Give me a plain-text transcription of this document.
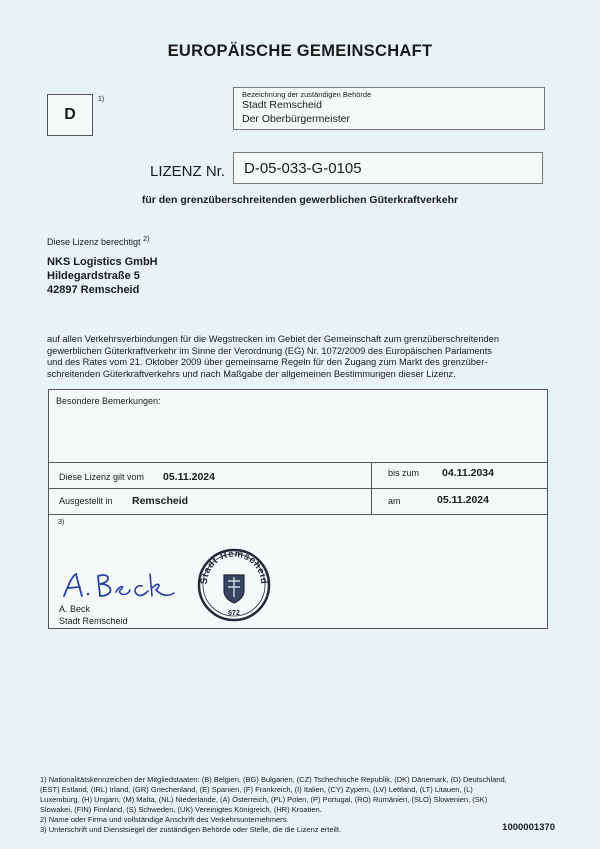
EUROPÄISCHE GEMEINSCHAFT
D
1)
Bezeichnung der zuständigen Behörde
Stadt Remscheid
Der Oberbürgermeister
LIZENZ Nr.	D-05-033-G-0105
für den grenzüberschreitenden gewerblichen Güterkraftverkehr
Diese Lizenz berechtigt $^{2)}$
NKS Logistics GmbH
Hildegardstraße 5
42897 Remscheid
auf allen Verkehrsverbindungen für die Wegstrecken im Gebiet der Gemeinschaft zum grenzüberschreitenden
gewerblichen Güterkraftverkehr im Sinne der Verordnung (EG) Nr. 1072/2009 des Europäischen Parlaments
und des Rates vom 21. Oktober 2009 über gemeinsame Regeln für den Zugang zum Markt des grenzüber-
schreitenden Güterkraftverkehrs und nach Maßgabe der allgemeinen Bestimmungen dieser Lizenz.
Besondere Bemerkungen:
Diese Lizenz gilt vom 05.11.2024	bis zum 04.11.2034
Ausgestellt in Remscheid	am	05.11.2024
3)
A. Beck
Stadt Remscheid
Stadt Remscheid
672
1) Nationalitätskennzeichen der Mitgliedstaaten: (B) Belgien, (BG) Bulgarien, (CZ) Tschechische Republik, (DK) Dänemark, (D) Deutschland,
(EST) Estland, (IRL) Irland, (GR) Griechenland, (E) Spanien, (F) Frankreich, (I) Italien, (CY) Zypern, (LV) Lettland, (LT) Litauen, (L)
Luxemburg, (H) Ungarn, (M) Malta, (NL) Niederlande, (A) Österreich, (PL) Polen, (P) Portugal, (RO) Rumänien, (SLO) Slowenien, (SK)
Slowakei, (FIN) Finnland, (S) Schweden, (UK) Vereinigtes Königreich, (HR) Kroatien.
2) Name oder Firma und vollständige Anschrift des Verkehrsunternehmers.
3) Unterschrift und Dienstsiegel der zuständigen Behörde oder Stelle, die die Lizenz erteilt.	1000001370
